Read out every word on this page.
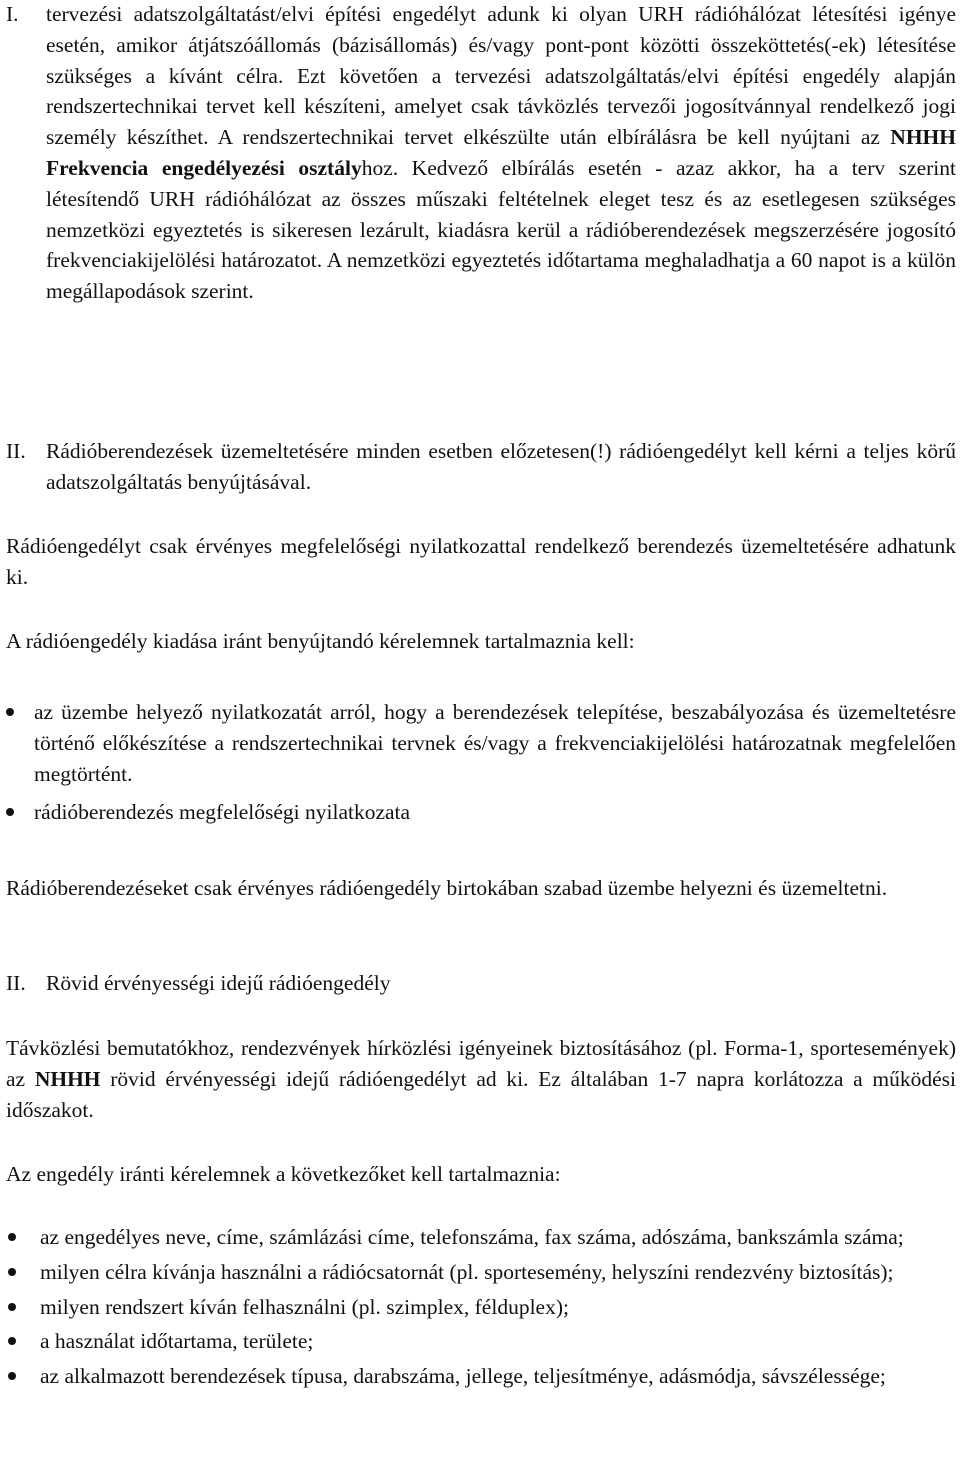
I.	tervezési adatszolgáltatást/elvi építési engedélyt adunk ki olyan URH rádióhálózat létesítési igénye esetén, amikor átjátszóállomás (bázisállomás) és/vagy pont-pont közötti összeköttetés(-ek) létesítése szükséges a kívánt célra. Ezt követően a tervezési adatszolgáltatás/elvi építési engedély alapján rendszertechnikai tervet kell készíteni, amelyet csak távközlés tervezői jogosítvánnyal rendelkező jogi személy készíthet. A rendszertechnikai tervet elkészülte után elbírálásra be kell nyújtani az NHHH Frekvencia engedélyezési osztályhoz. Kedvező elbírálás esetén - azaz akkor, ha a terv szerint létesítendő URH rádióhálózat az összes műszaki feltételnek eleget tesz és az esetlegesen szükséges nemzetközi egyeztetés is sikeresen lezárult, kiadásra kerül a rádióberendezések megszerzésére jogosító frekvenciakijelölési határozatot. A nemzetközi egyeztetés időtartama meghaladhatja a 60 napot is a külön megállapodások szerint.
II. Rádióberendezések üzemeltetésére minden esetben előzetesen(!) rádióengedélyt kell kérni a teljes körű adatszolgáltatás benyújtásával.
Rádióengedélyt csak érvényes megfelelőségi nyilatkozattal rendelkező berendezés üzemeltetésére adhatunk ki.
A rádióengedély kiadása iránt benyújtandó kérelemnek tartalmaznia kell:
az üzembe helyező nyilatkozatát arról, hogy a berendezések telepítése, beszabályozása és üzemeltetésre történő előkészítése a rendszertechnikai tervnek és/vagy a frekvenciakijelölési határozatnak megfelelően megtörtént.
rádióberendezés megfelelőségi nyilatkozata
Rádióberendezéseket csak érvényes rádióengedély birtokában szabad üzembe helyezni és üzemeltetni.
II. Rövid érvényességi idejű rádióengedély
Távközlési bemutatókhoz, rendezvények hírközlési igényeinek biztosításához (pl. Forma-1, sportesemények) az NHHH rövid érvényességi idejű rádióengedélyt ad ki. Ez általában 1-7 napra korlátozza a működési időszakot.
Az engedély iránti kérelemnek a következőket kell tartalmaznia:
az engedélyes neve, címe, számlázási címe, telefonszáma, fax száma, adószáma, bankszámla száma;
milyen célra kívánja használni a rádiócsatornát (pl. sportesemény, helyszíni rendezvény biztosítás);
milyen rendszert kíván felhasználni (pl. szimplex, félduplex);
a használat időtartama, területe;
az alkalmazott berendezések típusa, darabszáma, jellege, teljesítménye, adásmódja, sávszélessége;
